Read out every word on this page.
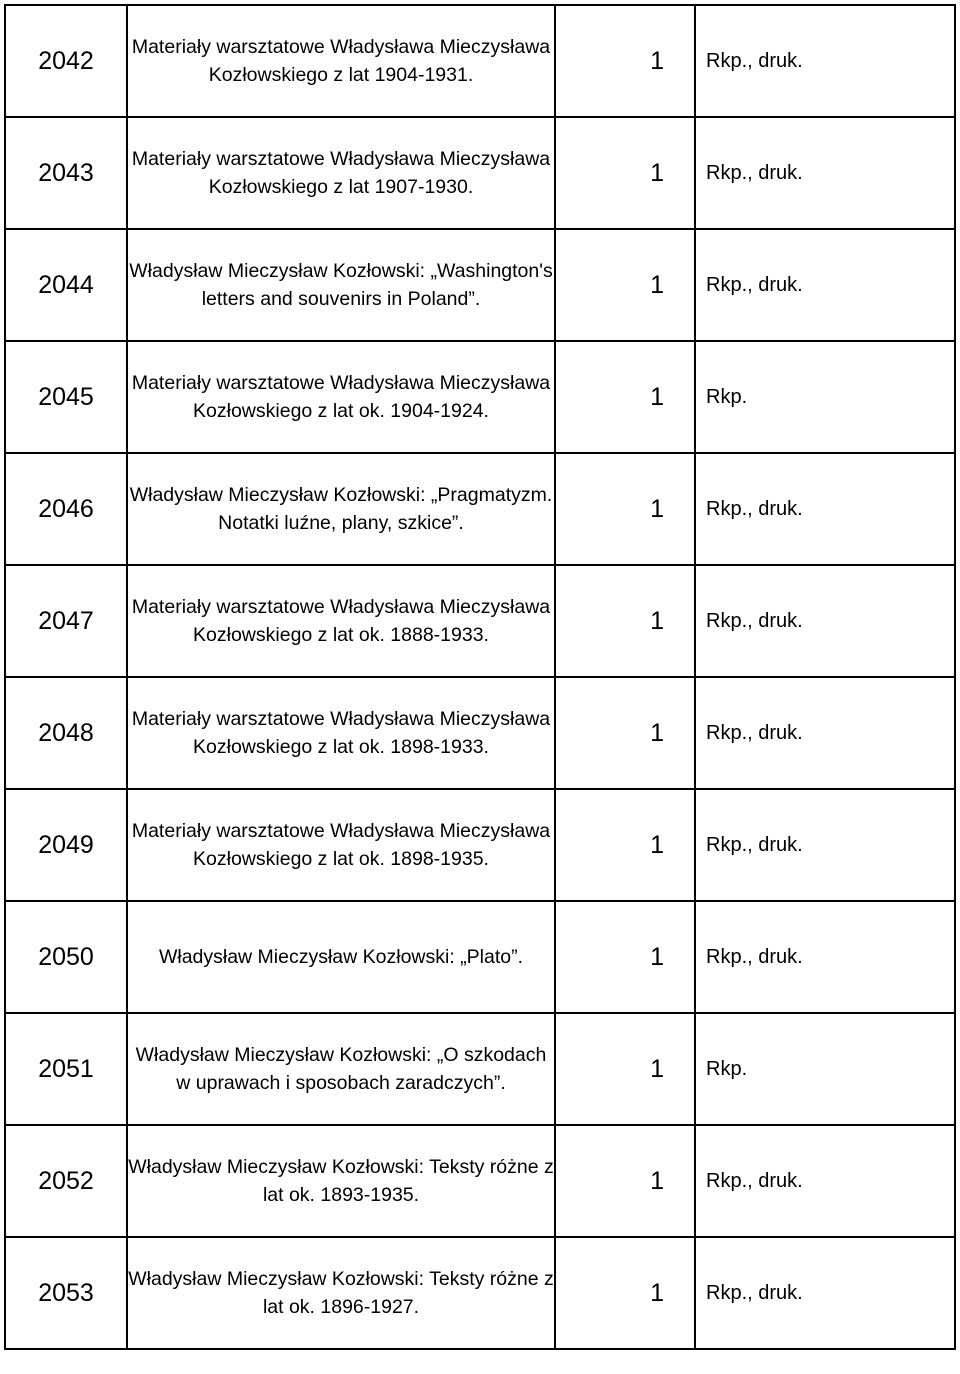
2042	Materiały warsztatowe Władysława Mieczysława Kozłowskiego z lat 1904-1931.	1	Rkp., druk.
2043	Materiały warsztatowe Władysława Mieczysława Kozłowskiego z lat 1907-1930.	1	Rkp., druk.
2044	Władysław Mieczysław Kozłowski: „Washington's letters and souvenirs in Poland”.	1	Rkp., druk.
2045	Materiały warsztatowe Władysława Mieczysława Kozłowskiego z lat ok. 1904-1924.	1	Rkp.
2046	Władysław Mieczysław Kozłowski: „Pragmatyzm. Notatki luźne, plany, szkice”.	1	Rkp., druk.
2047	Materiały warsztatowe Władysława Mieczysława Kozłowskiego z lat ok. 1888-1933.	1	Rkp., druk.
2048	Materiały warsztatowe Władysława Mieczysława Kozłowskiego z lat ok. 1898-1933.	1	Rkp., druk.
2049	Materiały warsztatowe Władysława Mieczysława Kozłowskiego z lat ok. 1898-1935.	1	Rkp., druk.
2050	Władysław Mieczysław Kozłowski: „Plato”.	1	Rkp., druk.
2051	Władysław Mieczysław Kozłowski: „O szkodach w uprawach i sposobach zaradczych”.	1	Rkp.
2052	Władysław Mieczysław Kozłowski: Teksty różne z lat ok. 1893-1935.	1	Rkp., druk.
2053	Władysław Mieczysław Kozłowski: Teksty różne z lat ok. 1896-1927.	1	Rkp., druk.
